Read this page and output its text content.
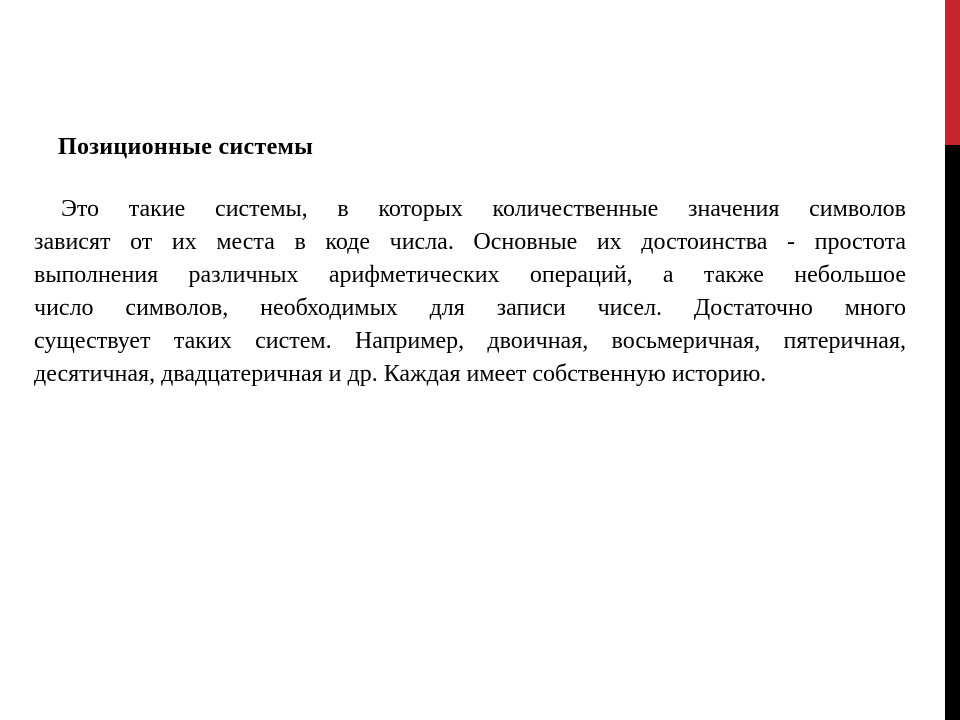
Позиционные системы
Это такие системы, в которых количественные значения символов
зависят от их места в коде числа. Основные их достоинства - простота
выполнения различных арифметических операций, а также небольшое
число символов, необходимых для записи чисел. Достаточно много
существует таких систем. Например, двоичная, восьмеричная, пятеричная,
десятичная, двадцатеричная и др. Каждая имеет собственную историю.
